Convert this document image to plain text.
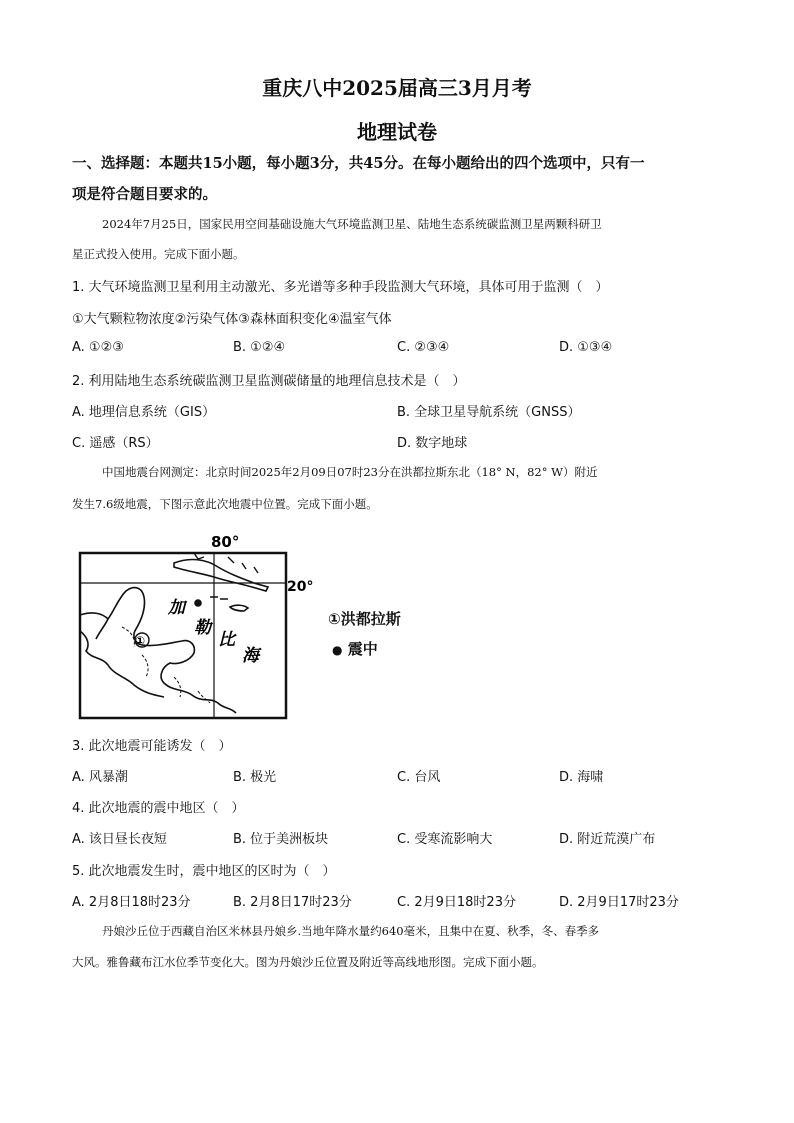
重庆八中2025届高三3月月考
地理试卷
一、选择题：本题共15小题，每小题3分，共45分。在每小题给出的四个选项中，只有一
项是符合题目要求的。
2024年7月25日，国家民用空间基础设施大气环境监测卫星、陆地生态系统碳监测卫星两颗科研卫
星正式投入使用。完成下面小题。
1. 大气环境监测卫星利用主动激光、多光谱等多种手段监测大气环境，具体可用于监测（　）
①大气颗粒物浓度②污染气体③森林面积变化④温室气体
A. ①②③	B. ①②④	C. ②③④	D. ①③④
2. 利用陆地生态系统碳监测卫星监测碳储量的地理信息技术是（　）
A. 地理信息系统（GIS）	B. 全球卫星导航系统（GNSS）
C. 遥感（RS）	D. 数字地球
中国地震台网测定：北京时间2025年2月09日07时23分在洪都拉斯东北（18° N，82° W）附近
发生7.6级地震，下图示意此次地震中位置。完成下面小题。
80°
20°
①
加
勒
比
海
①洪都拉斯
● 震中
3. 此次地震可能诱发（　）
A. 风暴潮	B. 极光	C. 台风	D. 海啸
4. 此次地震的震中地区（　）
A. 该日昼长夜短	B. 位于美洲板块	C. 受寒流影响大	D. 附近荒漠广布
5. 此次地震发生时，震中地区的区时为（　）
A. 2月8日18时23分	B. 2月8日17时23分	C. 2月9日18时23分	D. 2月9日17时23分
丹娘沙丘位于西藏自治区米林县丹娘乡.当地年降水量约640毫米，且集中在夏、秋季，冬、春季多
大风。雅鲁藏布江水位季节变化大。图为丹娘沙丘位置及附近等高线地形图。完成下面小题。
